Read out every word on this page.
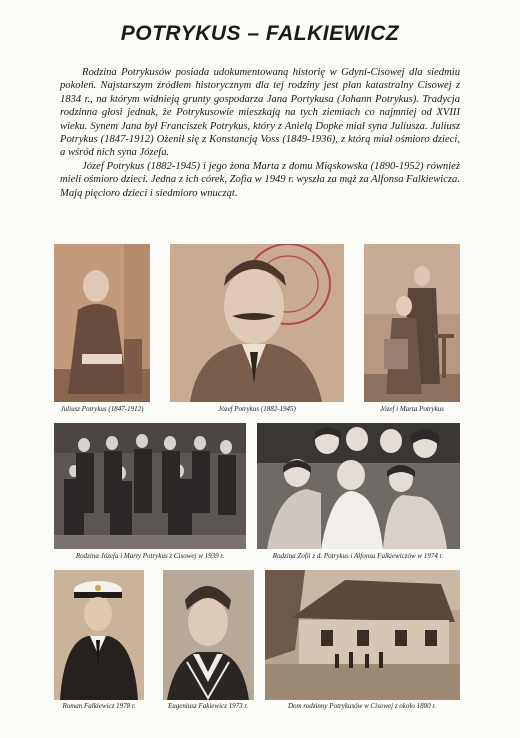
POTRYKUS – FALKIEWICZ

Rodzina Potrykusów posiada udokumentowaną historię w Gdyni-Cisowej dla siedmiu pokoleń. Najstarszym źródłem historycznym dla tej rodziny jest plan katastralny Cisowej z 1834 r., na którym widnieją grunty gospodarza Jana Portykusa (Johann Potrykus). Tradycja rodzinna głosi jednak, że Potrykusowie mieszkają na tych ziemiach co najmniej od XVIII wieku. Synem Jana był Franciszek Potrykus, który z Anielą Dopke miał syna Juliusza. Juliusz Potrykus (1847-1912) Ożenił się z Konstancją Voss (1849-1936), z którą miał ośmioro dzieci, a wśród nich syna Józefa.

Józef Potrykus (1882-1945) i jego żona Marta z domu Miąskowska (1890-1952) również mieli ośmioro dzieci. Jedna z ich córek, Zofia w 1949 r. wyszła za mąż za Alfonsa Falkiewicza. Mają pięcioro dzieci i siedmioro wnucząt.

Juliusz Potrykus (1847-1912)	Józef Potrykus (1882-1945)	Józef i Marta Potrykus
Rodzina Józefa i Marty Potrykus z Cisowej w 1939 r.	Rodzina Zofii z d. Potrykus i Alfonsa Falkiewiczów w 1974 r.
Roman Falkiewicz 1978 r.	Eugeniusz Fakiewicz 1973 r.	Dom rodzinny Potrykusów w Cisowej z około 1880 r.
